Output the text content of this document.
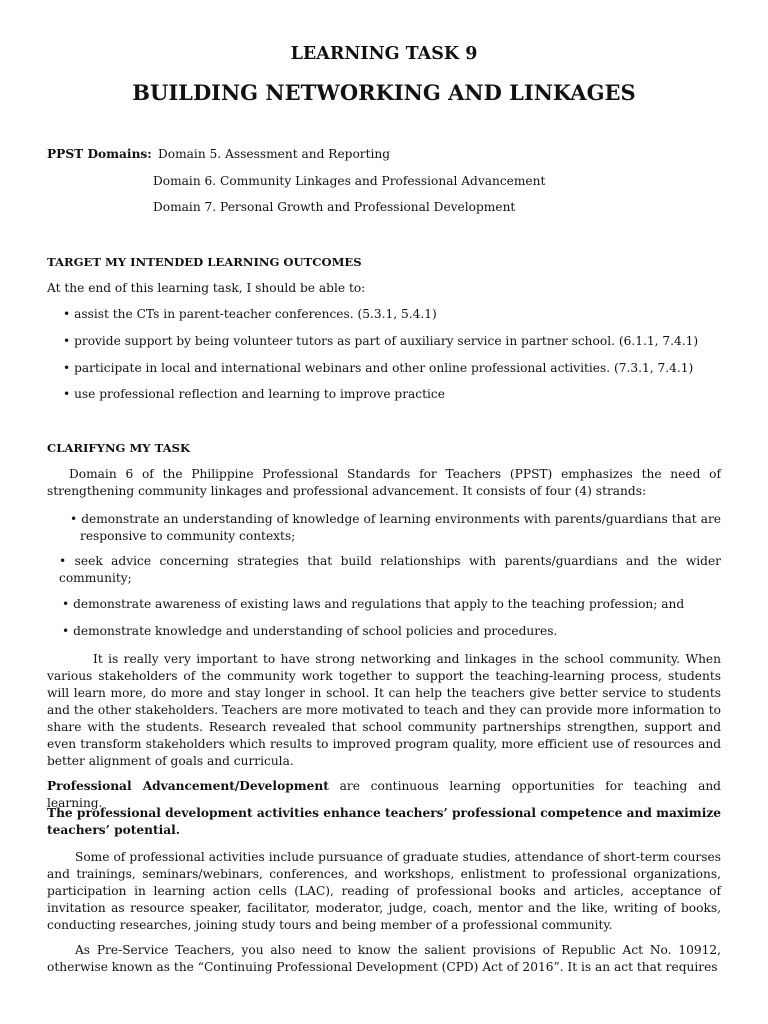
LEARNING TASK 9
BUILDING NETWORKING AND LINKAGES
PPST Domains: Domain 5. Assessment and Reporting
Domain 6. Community Linkages and Professional Advancement
Domain 7. Personal Growth and Professional Development
TARGET MY INTENDED LEARNING OUTCOMES
At the end of this learning task, I should be able to:
• assist the CTs in parent-teacher conferences. (5.3.1, 5.4.1)
• provide support by being volunteer tutors as part of auxiliary service in partner school. (6.1.1, 7.4.1)
• participate in local and international webinars and other online professional activities. (7.3.1, 7.4.1)
• use professional reflection and learning to improve practice
CLARIFYNG MY TASK
Domain 6 of the Philippine Professional Standards for Teachers (PPST) emphasizes the need of strengthening community linkages and professional advancement. It consists of four (4) strands:
• demonstrate an understanding of knowledge of learning environments with parents/guardians that are responsive to community contexts;
• seek advice concerning strategies that build relationships with parents/guardians and the wider community;
• demonstrate awareness of existing laws and regulations that apply to the teaching profession; and
• demonstrate knowledge and understanding of school policies and procedures.
It is really very important to have strong networking and linkages in the school community. When various stakeholders of the community work together to support the teaching-learning process, students will learn more, do more and stay longer in school. It can help the teachers give better service to students and the other stakeholders. Teachers are more motivated to teach and they can provide more information to share with the students. Research revealed that school community partnerships strengthen, support and even transform stakeholders which results to improved program quality, more efficient use of resources and better alignment of goals and curricula.
Professional Advancement/Development are continuous learning opportunities for teaching and learning.
The professional development activities enhance teachers’ professional competence and maximize teachers’ potential.
Some of professional activities include pursuance of graduate studies, attendance of short-term courses and trainings, seminars/webinars, conferences, and workshops, enlistment to professional organizations, participation in learning action cells (LAC), reading of professional books and articles, acceptance of invitation as resource speaker, facilitator, moderator, judge, coach, mentor and the like, writing of books, conducting researches, joining study tours and being member of a professional community.
As Pre-Service Teachers, you also need to know the salient provisions of Republic Act No. 10912, otherwise known as the “Continuing Professional Development (CPD) Act of 2016”. It is an act that requires
